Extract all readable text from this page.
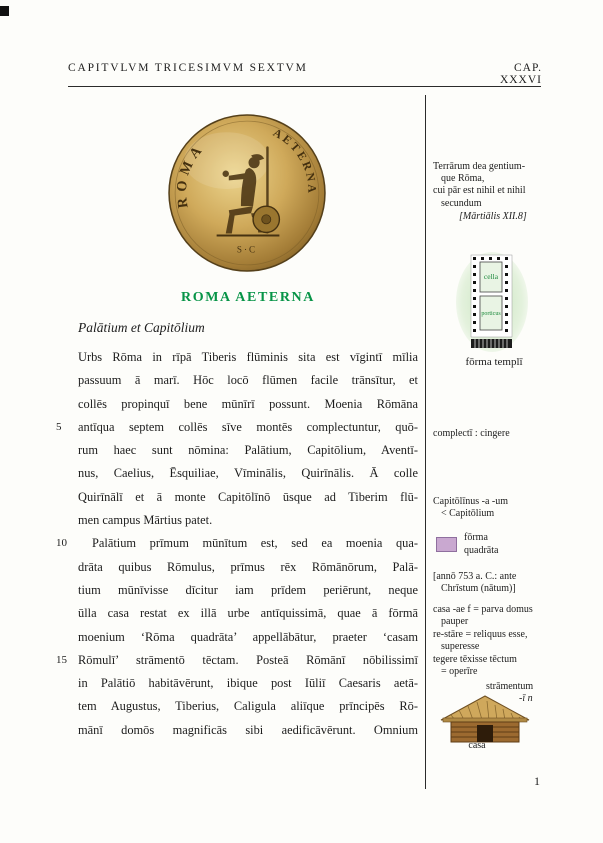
CAPITVLVM TRICESIMVM SEXTVM	CAP. XXXVI
ROMA
AETERNA
S·C
ROMA AETERNA
Palātium et Capitōlium
Urbs Rōma in rīpā Tiberis flūminis sita est vīgintī mīlia
passuum ā marī. Hōc locō flūmen facile trānsītur, et
collēs propinquī bene mūnīrī possunt. Moenia Rōmāna
5 antīqua septem collēs sīve montēs complectuntur, quō-
rum haec sunt nōmina: Palātium, Capitōlium, Aventī-
nus, Caelius, Ēsquiliae, Vīminālis, Quirīnālis. Ā colle
Quirīnālī et ā monte Capitōlīnō ūsque ad Tiberim flū-
men campus Mārtius patet.
10	Palātium prīmum mūnītum est, sed ea moenia qua-
drāta quibus Rōmulus, prīmus rēx Rōmānōrum, Palā-
tium mūnīvisse dīcitur iam prīdem periērunt, neque
ūlla casa restat ex illā urbe antīquissimā, quae ā fōrmā
moenium ‘Rōma quadrāta’ appellābātur, praeter ‘casam
15 Rōmulī’ strāmentō tēctam. Posteā Rōmānī nōbilissimī
in Palātiō habitāvērunt, ibique post Iūliī Caesaris aetā-
tem Augustus, Tiberius, Caligula aliīque prīncipēs Rō-
mānī domōs magnificās sibi aedificāvērunt. Omnium
Terrārum dea gentium-
que Rōma,
cui pār est nihil et nihil
secundum
[Mārtiālis XII.8]
cella
porticus
fōrma templī
complectī : cingere
Capitōlīnus -a -um
< Capitōlium
fōrma
quadrāta
[annō 753 a. C.: ante
Chrīstum (nātum)]
casa -ae f = parva domus
pauper
re-stāre = reliquus esse,
superesse
tegere tēxisse tēctum
= operīre
strāmentum
-ī n
casa
1
